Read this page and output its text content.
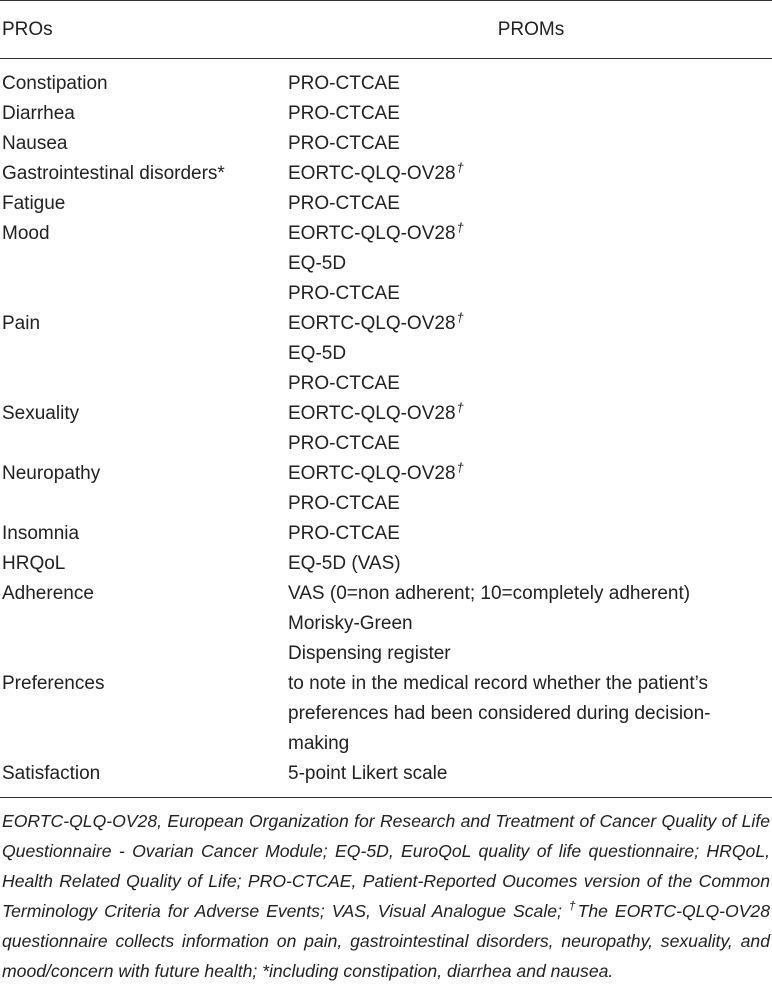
PROs	PROMs
Constipation	PRO-CTCAE
Diarrhea	PRO-CTCAE
Nausea	PRO-CTCAE
Gastrointestinal disorders*	EORTC-QLQ-OV28†
Fatigue	PRO-CTCAE
Mood	EORTC-QLQ-OV28†
EQ-5D
PRO-CTCAE
Pain	EORTC-QLQ-OV28†
EQ-5D
PRO-CTCAE
Sexuality	EORTC-QLQ-OV28†
PRO-CTCAE
Neuropathy	EORTC-QLQ-OV28†
PRO-CTCAE
Insomnia	PRO-CTCAE
HRQoL	EQ-5D (VAS)
Adherence	VAS (0=non adherent; 10=completely adherent)
Morisky-Green
Dispensing register
Preferences	to note in the medical record whether the patient’s preferences had been considered during decision-making
Satisfaction	5-point Likert scale
EORTC-QLQ-OV28, European Organization for Research and Treatment of Cancer Quality of Life Questionnaire - Ovarian Cancer Module; EQ-5D, EuroQoL quality of life questionnaire; HRQoL, Health Related Quality of Life; PRO-CTCAE, Patient-Reported Oucomes version of the Common Terminology Criteria for Adverse Events; VAS, Visual Analogue Scale; †The EORTC-QLQ-OV28 questionnaire collects information on pain, gastrointestinal disorders, neuropathy, sexuality, and mood/concern with future health; *including constipation, diarrhea and nausea.
